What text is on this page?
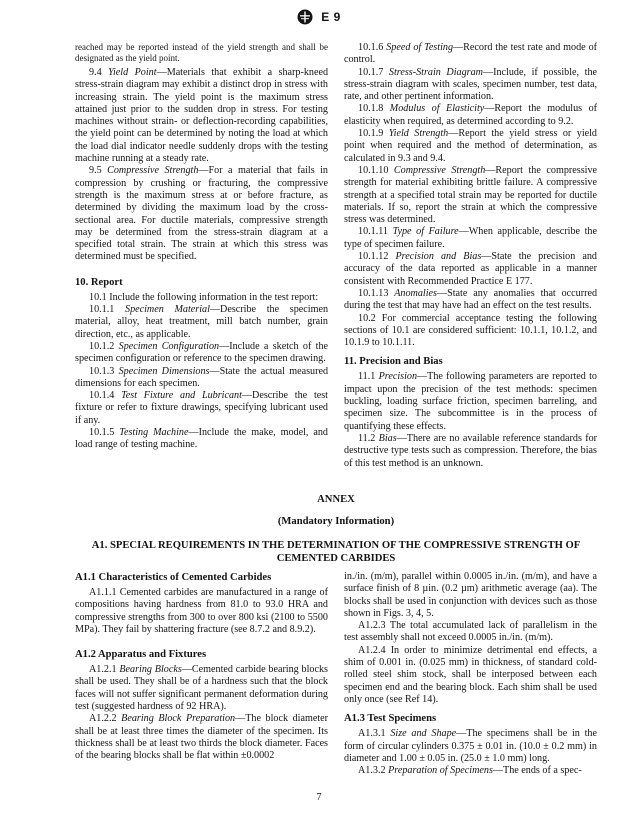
E 9

reached may be reported instead of the yield strength and shall be designated as the yield point.

9.4 Yield Point—Materials that exhibit a sharp-kneed stress-strain diagram may exhibit a distinct drop in stress with increasing strain. The yield point is the maximum stress attained just prior to the sudden drop in stress. For testing machines without strain- or deflection-recording capabilities, the yield point can be determined by noting the load at which the load dial indicator needle suddenly drops with the testing machine running at a steady rate.

9.5 Compressive Strength—For a material that fails in compression by crushing or fracturing, the compressive strength is the maximum stress at or before fracture, as determined by dividing the maximum load by the cross-sectional area. For ductile materials, compressive strength may be determined from the stress-strain diagram at a specified total strain. The strain at which this stress was determined must be specified.

10. Report

10.1 Include the following information in the test report:

10.1.1 Specimen Material—Describe the specimen material, alloy, heat treatment, mill batch number, grain direction, etc., as applicable.

10.1.2 Specimen Configuration—Include a sketch of the specimen configuration or reference to the specimen drawing.

10.1.3 Specimen Dimensions—State the actual measured dimensions for each specimen.

10.1.4 Test Fixture and Lubricant—Describe the test fixture or refer to fixture drawings, specifying lubricant used if any.

10.1.5 Testing Machine—Include the make, model, and load range of testing machine.

10.1.6 Speed of Testing—Record the test rate and mode of control.

10.1.7 Stress-Strain Diagram—Include, if possible, the stress-strain diagram with scales, specimen number, test data, rate, and other pertinent information.

10.1.8 Modulus of Elasticity—Report the modulus of elasticity when required, as determined according to 9.2.

10.1.9 Yield Strength—Report the yield stress or yield point when required and the method of determination, as calculated in 9.3 and 9.4.

10.1.10 Compressive Strength—Report the compressive strength for material exhibiting brittle failure. A compressive strength at a specified total strain may be reported for ductile materials. If so, report the strain at which the compressive stress was determined.

10.1.11 Type of Failure—When applicable, describe the type of specimen failure.

10.1.12 Precision and Bias—State the precision and accuracy of the data reported as applicable in a manner consistent with Recommended Practice E 177.

10.1.13 Anomalies—State any anomalies that occurred during the test that may have had an effect on the test results.

10.2 For commercial acceptance testing the following sections of 10.1 are considered sufficient: 10.1.1, 10.1.2, and 10.1.9 to 10.1.11.

11. Precision and Bias

11.1 Precision—The following parameters are reported to impact upon the precision of the test methods: specimen buckling, loading surface friction, specimen barreling, and specimen size. The subcommittee is in the process of quantifying these effects.

11.2 Bias—There are no available reference standards for destructive type tests such as compression. Therefore, the bias of this test method is an unknown.

ANNEX
(Mandatory Information)
A1. SPECIAL REQUIREMENTS IN THE DETERMINATION OF THE COMPRESSIVE STRENGTH OF
CEMENTED CARBIDES
A1.1 Characteristics of Cemented Carbides

A1.1.1 Cemented carbides are manufactured in a range of compositions having hardness from 81.0 to 93.0 HRA and compressive strengths from 300 to over 800 ksi (2100 to 5500 MPa). They fail by shattering fracture (see 8.7.2 and 8.9.2).

A1.2 Apparatus and Fixtures

A1.2.1 Bearing Blocks—Cemented carbide bearing blocks shall be used. They shall be of a hardness such that the block faces will not suffer significant permanent deformation during test (suggested hardness of 92 HRA).

A1.2.2 Bearing Block Preparation—The block diameter shall be at least three times the diameter of the specimen. Its thickness shall be at least two thirds the block diameter. Faces of the bearing blocks shall be flat within ±0.0002

in./in. (m/m), parallel within 0.0005 in./in. (m/m), and have a surface finish of 8 µin. (0.2 µm) arithmetic average (aa). The blocks shall be used in conjunction with devices such as those shown in Figs. 3, 4, 5.

A1.2.3 The total accumulated lack of parallelism in the test assembly shall not exceed 0.0005 in./in. (m/m).

A1.2.4 In order to minimize detrimental end effects, a shim of 0.001 in. (0.025 mm) in thickness, of standard cold-rolled steel shim stock, shall be interposed between each specimen end and the bearing block. Each shim shall be used only once (see Ref 14).

A1.3 Test Specimens

A1.3.1 Size and Shape—The specimens shall be in the form of circular cylinders 0.375 ± 0.01 in. (10.0 ± 0.2 mm) in diameter and 1.00 ± 0.05 in. (25.0 ± 1.0 mm) long.

A1.3.2 Preparation of Specimens—The ends of a spec-

7
